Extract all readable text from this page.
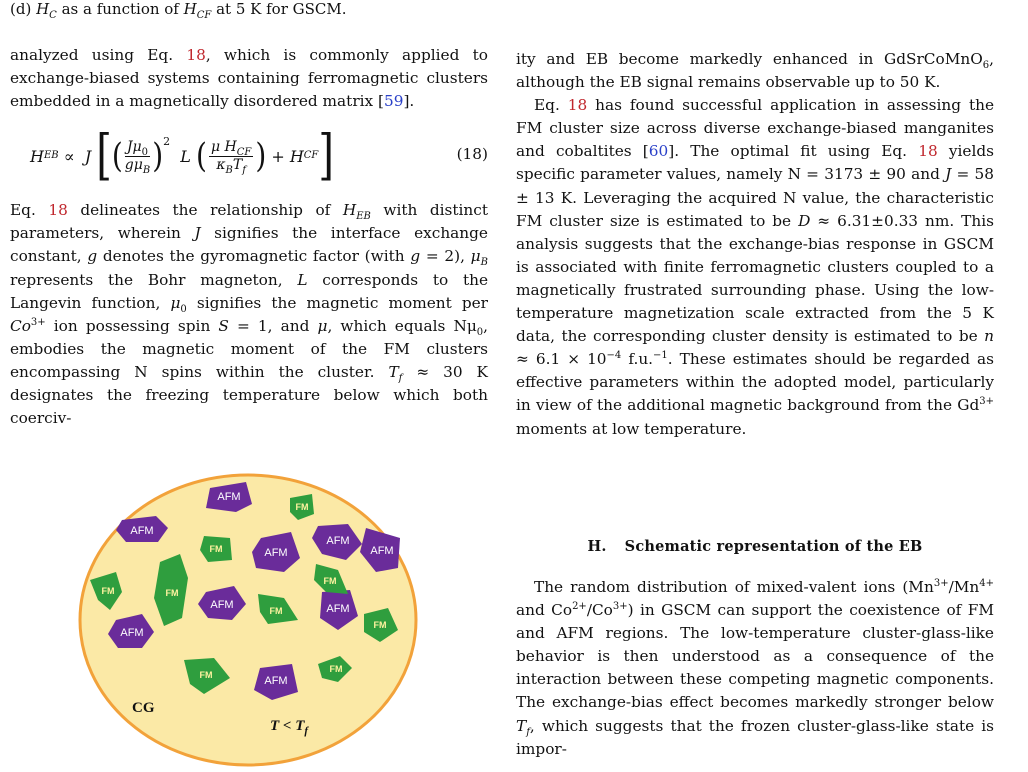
(d) $H_C$ as a function of $H_{CF}$ at 5 K for GSCM.

analyzed using Eq. 18, which is commonly applied to exchange-biased systems containing ferromagnetic clusters embedded in a magnetically disordered matrix [59].

H EB ∝ J
[ ( $\frac{J\mu_0}{g\mu_B} )^2$

L
( $\frac{\mu H_{CF}}{\kappa_BT_f}$ ) + H CF ]	(18)

Eq. 18 delineates the relationship of $H_{EB}$ with distinct parameters, wherein J signifies the interface exchange constant, g denotes the gyromagnetic factor (with g = 2), $\mu_B$ represents the Bohr magneton, L corresponds to the Langevin function, $\mu_0$ signifies the magnetic moment per $Co^{3+}$ ion possessing spin S = 1, and μ, which equals $N\mu_0$, embodies the magnetic moment of the FM clusters encompassing N spins within the cluster. $T_f \approx 30$ K designates the freezing temperature below which both coerciv-

AFM
AFM
AFM
AFM
AFM
AFM	AFM
AFM
AFM
FM
FM
FM
FM	FM
FM
FM
FM
FM
CG
$T < T_f$

ity and EB become markedly enhanced in GdSrCoMnO$_6$, although the EB signal remains observable up to 50 K.

Eq. 18 has found successful application in assessing the FM cluster size across diverse exchange-biased manganites and cobaltites [60]. The optimal fit using Eq. 18 yields specific parameter values, namely N = 3173 ± 90 and J = 58 ± 13 K. Leveraging the acquired N value, the characteristic FM cluster size is estimated to be D ≈ 6.31±0.33 nm. This analysis suggests that the exchange-bias response in GSCM is associated with finite ferromagnetic clusters coupled to a magnetically frustrated surrounding phase. Using the low-temperature magnetization scale extracted from the 5 K data, the corresponding cluster density is estimated to be $n \approx 6.1 \times 10^{-4}$ f.u.$^{-1}$. These estimates should be regarded as effective parameters within the adopted model, particularly in view of the additional magnetic background from the $Gd^{3+}$ moments at low temperature.

H. Schematic representation of the EB

The random distribution of mixed-valent ions ($Mn^{3+}/Mn^{4+}$ and $Co^{2+}/Co^{3+}$) in GSCM can support the coexistence of FM and AFM regions. The low-temperature cluster-glass-like behavior is then understood as a consequence of the interaction between these competing magnetic components. The exchange-bias effect becomes markedly stronger below $T_f$, which suggests that the frozen cluster-glass-like state is impor-
